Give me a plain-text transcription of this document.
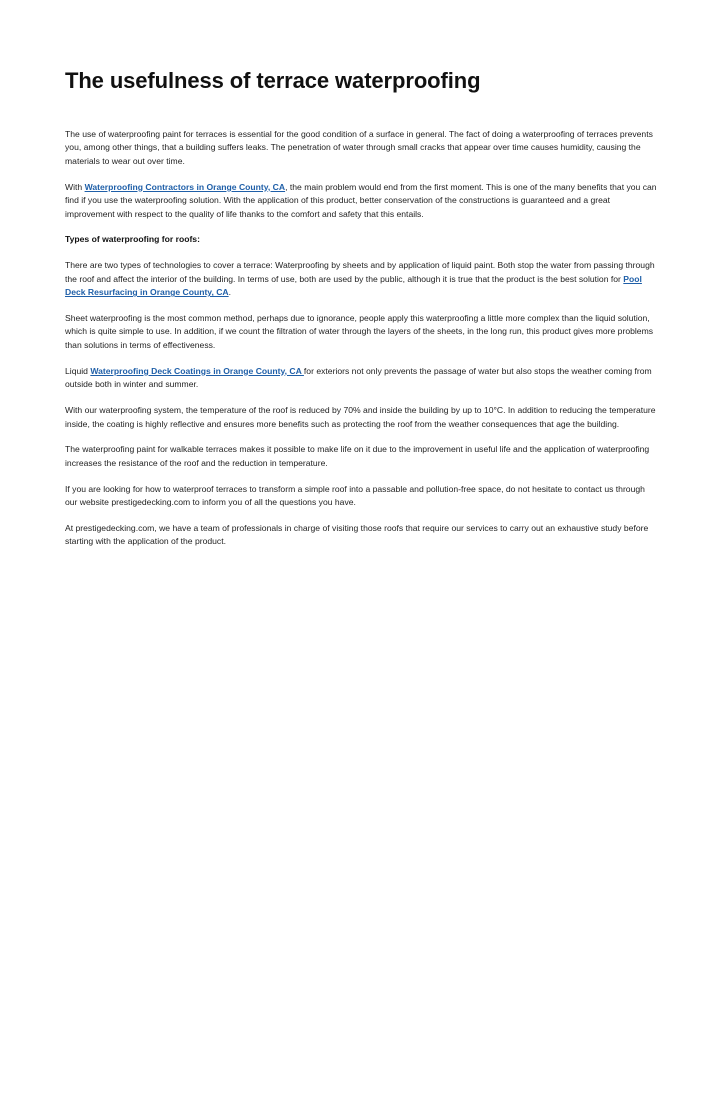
The usefulness of terrace waterproofing

The use of waterproofing paint for terraces is essential for the good condition of a surface in general. The fact of doing a waterproofing of terraces prevents you, among other things, that a building suffers leaks. The penetration of water through small cracks that appear over time causes humidity, causing the materials to wear out over time.

With Waterproofing Contractors in Orange County, CA, the main problem would end from the first moment. This is one of the many benefits that you can find if you use the waterproofing solution. With the application of this product, better conservation of the constructions is guaranteed and a great improvement with respect to the quality of life thanks to the comfort and safety that this entails.

Types of waterproofing for roofs:

There are two types of technologies to cover a terrace: Waterproofing by sheets and by application of liquid paint. Both stop the water from passing through the roof and affect the interior of the building. In terms of use, both are used by the public, although it is true that the product is the best solution for Pool Deck Resurfacing in Orange County, CA.

Sheet waterproofing is the most common method, perhaps due to ignorance, people apply this waterproofing a little more complex than the liquid solution, which is quite simple to use. In addition, if we count the filtration of water through the layers of the sheets, in the long run, this product gives more problems than solutions in terms of effectiveness.

Liquid Waterproofing Deck Coatings in Orange County, CA for exteriors not only prevents the passage of water but also stops the weather coming from outside both in winter and summer.

With our waterproofing system, the temperature of the roof is reduced by 70% and inside the building by up to 10°C. In addition to reducing the temperature inside, the coating is highly reflective and ensures more benefits such as protecting the roof from the weather consequences that age the building.

The waterproofing paint for walkable terraces makes it possible to make life on it due to the improvement in useful life and the application of waterproofing increases the resistance of the roof and the reduction in temperature.

If you are looking for how to waterproof terraces to transform a simple roof into a passable and pollution-free space, do not hesitate to contact us through our website prestigedecking.com to inform you of all the questions you have.

At prestigedecking.com, we have a team of professionals in charge of visiting those roofs that require our services to carry out an exhaustive study before starting with the application of the product.
